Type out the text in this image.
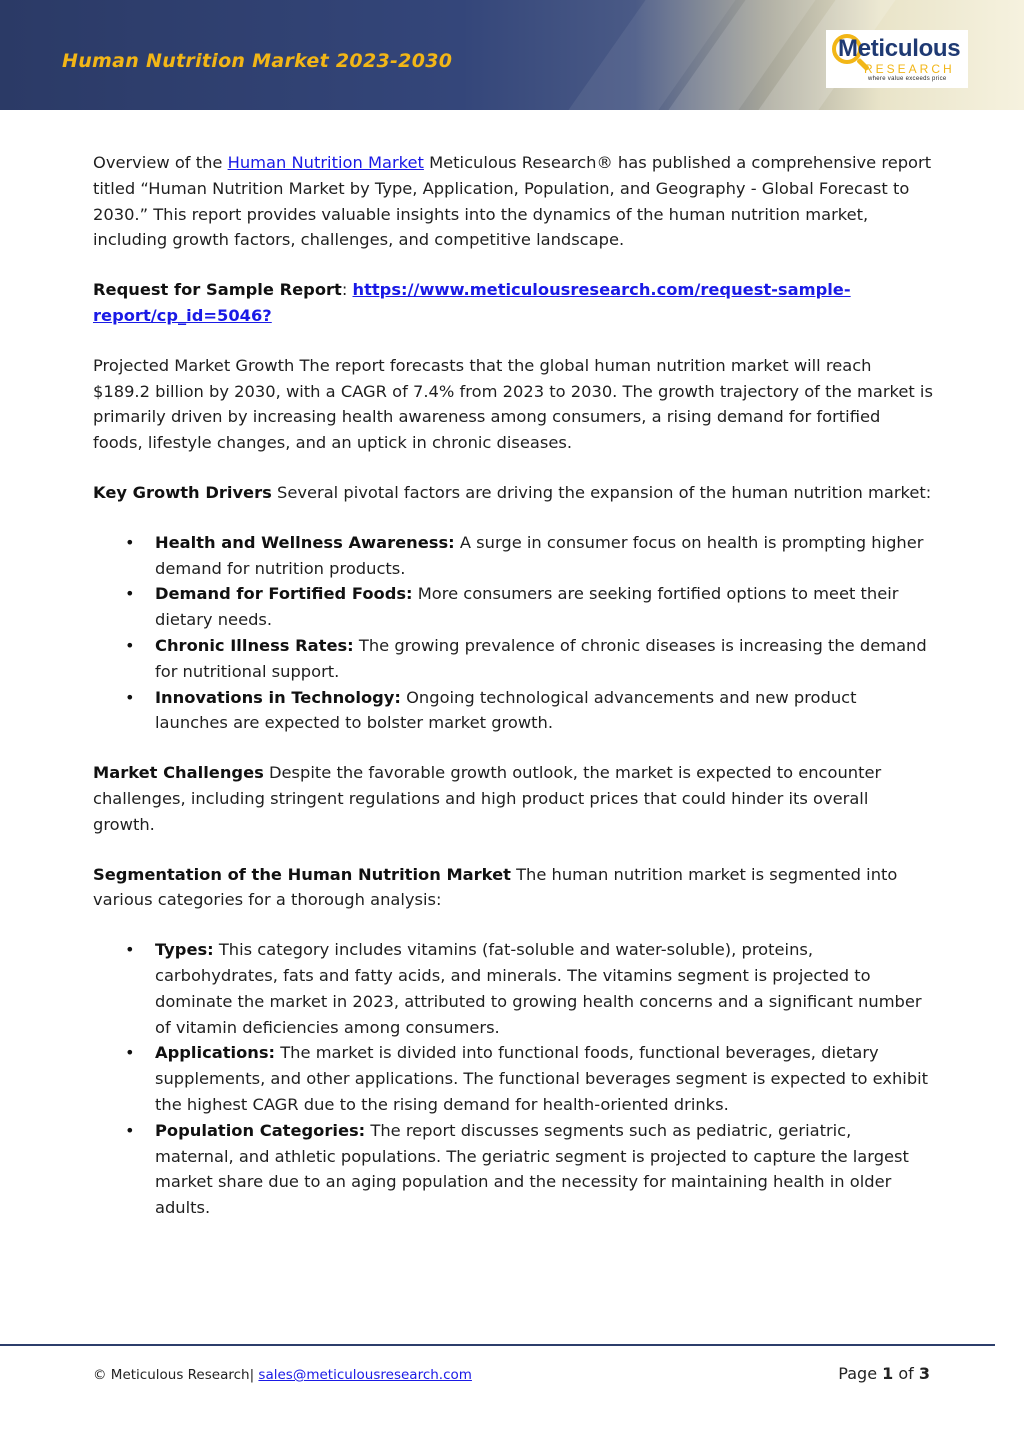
Human Nutrition Market 2023-2030	Meticulous
RESEARCH
where value exceeds price

Overview of the Human Nutrition Market Meticulous Research® has published a comprehensive report titled “Human Nutrition Market by Type, Application, Population, and Geography - Global Forecast to 2030.” This report provides valuable insights into the dynamics of the human nutrition market, including growth factors, challenges, and competitive landscape.

Request for Sample Report: https://www.meticulousresearch.com/request-sample-report/cp_id=5046?

Projected Market Growth The report forecasts that the global human nutrition market will reach $189.2 billion by 2030, with a CAGR of 7.4% from 2023 to 2030. The growth trajectory of the market is primarily driven by increasing health awareness among consumers, a rising demand for fortified foods, lifestyle changes, and an uptick in chronic diseases.

Key Growth Drivers Several pivotal factors are driving the expansion of the human nutrition market:

• Health and Wellness Awareness: A surge in consumer focus on health is prompting higher demand for nutrition products.
• Demand for Fortified Foods: More consumers are seeking fortified options to meet their dietary needs.
• Chronic Illness Rates: The growing prevalence of chronic diseases is increasing the demand for nutritional support.
• Innovations in Technology: Ongoing technological advancements and new product launches are expected to bolster market growth.

Market Challenges Despite the favorable growth outlook, the market is expected to encounter challenges, including stringent regulations and high product prices that could hinder its overall growth.

Segmentation of the Human Nutrition Market The human nutrition market is segmented into various categories for a thorough analysis:

• Types: This category includes vitamins (fat-soluble and water-soluble), proteins, carbohydrates, fats and fatty acids, and minerals. The vitamins segment is projected to dominate the market in 2023, attributed to growing health concerns and a significant number of vitamin deficiencies among consumers.
• Applications: The market is divided into functional foods, functional beverages, dietary supplements, and other applications. The functional beverages segment is expected to exhibit the highest CAGR due to the rising demand for health-oriented drinks.
• Population Categories: The report discusses segments such as pediatric, geriatric, maternal, and athletic populations. The geriatric segment is projected to capture the largest market share due to an aging population and the necessity for maintaining health in older adults.
© Meticulous Research| sales@meticulousresearch.com	Page 1 of 3
